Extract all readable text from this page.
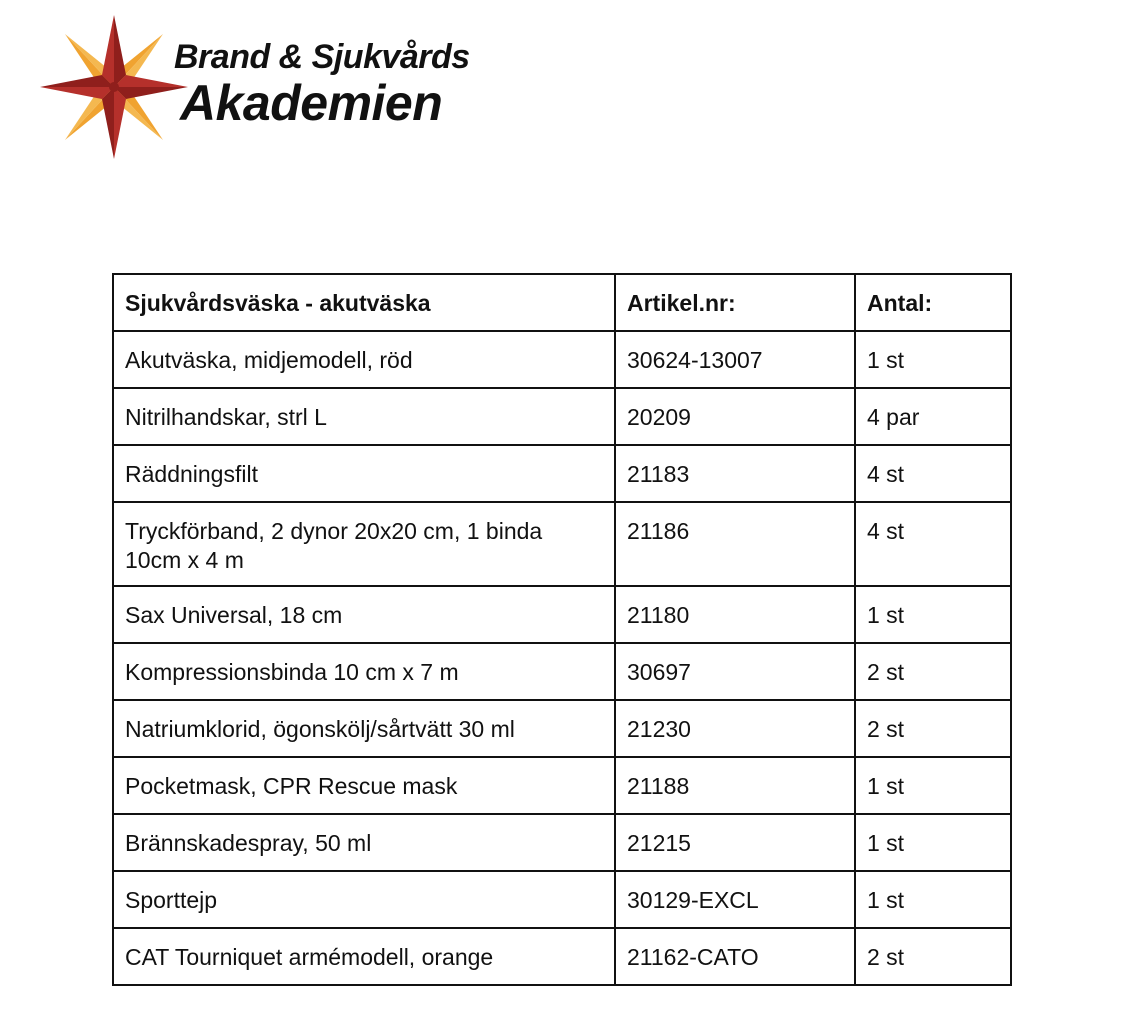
Brand & Sjukvårds
Akademien
Sjukvårdsväska - akutväska	Artikel.nr:	Antal:
Akutväska, midjemodell, röd	30624-13007	1 st
Nitrilhandskar, strl L	20209	4 par
Räddningsfilt	21183	4 st
Tryckförband, 2 dynor 20x20 cm, 1 binda 10cm x 4 m	21186	4 st
Sax Universal, 18 cm	21180	1 st
Kompressionsbinda 10 cm x 7 m	30697	2 st
Natriumklorid, ögonskölj/sårtvätt 30 ml	21230	2 st
Pocketmask, CPR Rescue mask	21188	1 st
Brännskadespray, 50 ml	21215	1 st
Sporttejp	30129-EXCL	1 st
CAT Tourniquet armémodell, orange	21162-CATO	2 st
